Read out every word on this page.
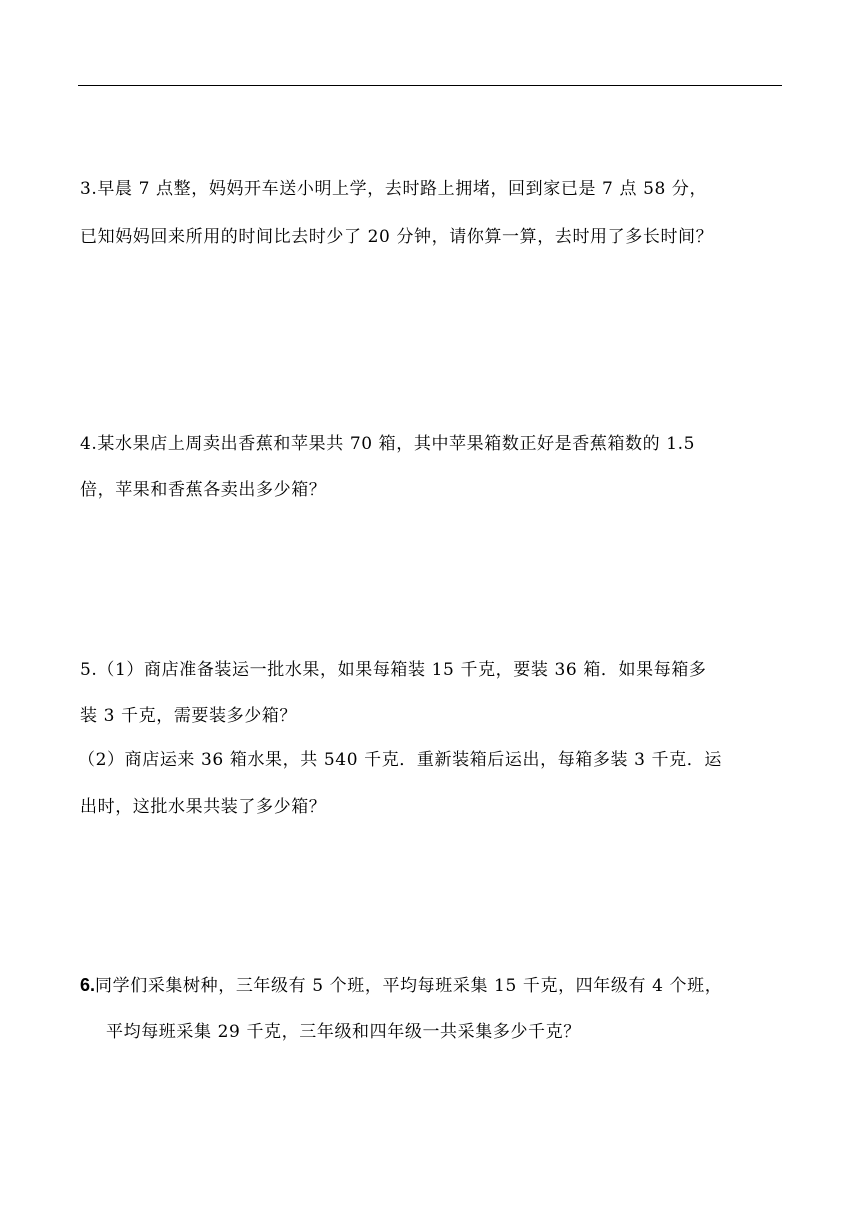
3.早晨 7 点整，妈妈开车送小明上学，去时路上拥堵，回到家已是 7 点 58 分，
已知妈妈回来所用的时间比去时少了 20 分钟，请你算一算，去时用了多长时间？
4.某水果店上周卖出香蕉和苹果共 70 箱，其中苹果箱数正好是香蕉箱数的 1.5
倍，苹果和香蕉各卖出多少箱？
5.（1）商店准备装运一批水果，如果每箱装 15 千克，要装 36 箱．如果每箱多
装 3 千克，需要装多少箱？
（2）商店运来 36 箱水果，共 540 千克．重新装箱后运出，每箱多装 3 千克．运
出时，这批水果共装了多少箱？
6.同学们采集树种，三年级有 5 个班，平均每班采集 15 千克，四年级有 4 个班，
平均每班采集 29 千克，三年级和四年级一共采集多少千克？
